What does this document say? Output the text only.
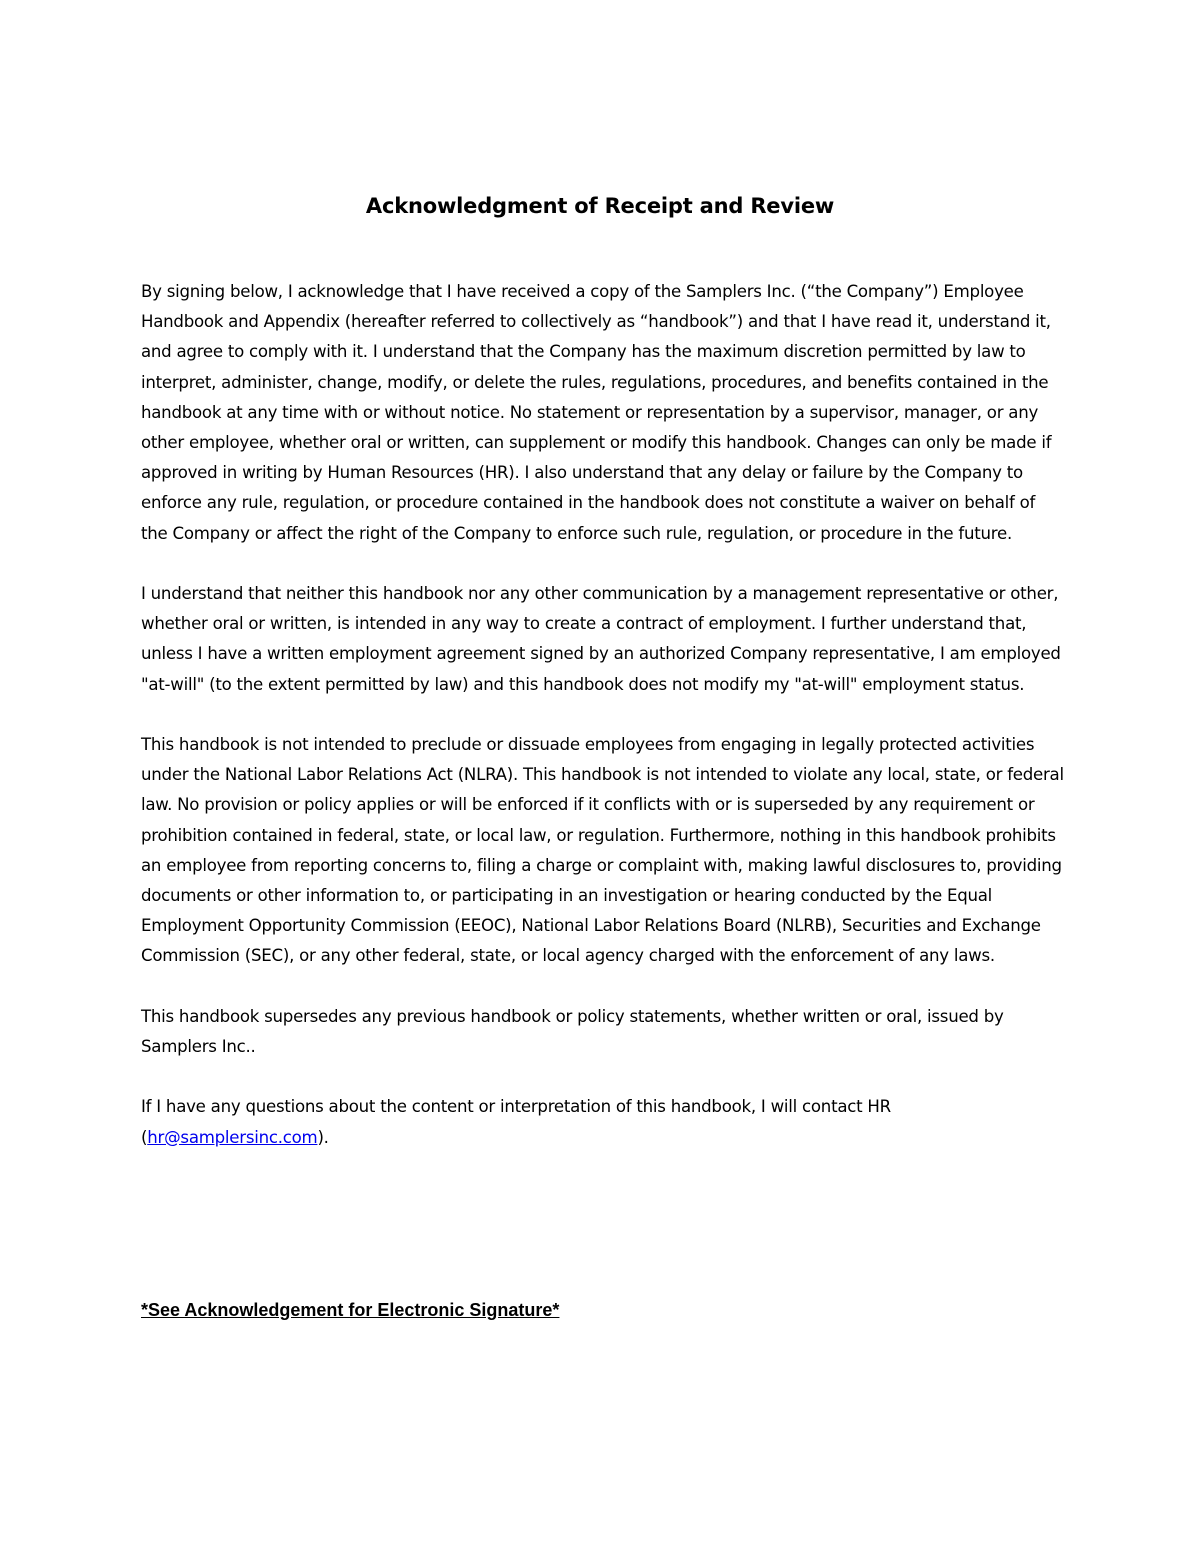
Acknowledgment of Receipt and Review

By signing below, I acknowledge that I have received a copy of the Samplers Inc. (“the Company”) Employee Handbook and Appendix (hereafter referred to collectively as “handbook”) and that I have read it, understand it, and agree to comply with it. I understand that the Company has the maximum discretion permitted by law to interpret, administer, change, modify, or delete the rules, regulations, procedures, and benefits contained in the handbook at any time with or without notice. No statement or representation by a supervisor, manager, or any other employee, whether oral or written, can supplement or modify this handbook. Changes can only be made if approved in writing by Human Resources (HR). I also understand that any delay or failure by the Company to enforce any rule, regulation, or procedure contained in the handbook does not constitute a waiver on behalf of the Company or affect the right of the Company to enforce such rule, regulation, or procedure in the future.

I understand that neither this handbook nor any other communication by a management representative or other, whether oral or written, is intended in any way to create a contract of employment. I further understand that, unless I have a written employment agreement signed by an authorized Company representative, I am employed "at-will" (to the extent permitted by law) and this handbook does not modify my "at-will" employment status.

This handbook is not intended to preclude or dissuade employees from engaging in legally protected activities under the National Labor Relations Act (NLRA). This handbook is not intended to violate any local, state, or federal law. No provision or policy applies or will be enforced if it conflicts with or is superseded by any requirement or prohibition contained in federal, state, or local law, or regulation. Furthermore, nothing in this handbook prohibits an employee from reporting concerns to, filing a charge or complaint with, making lawful disclosures to, providing documents or other information to, or participating in an investigation or hearing conducted by the Equal Employment Opportunity Commission (EEOC), National Labor Relations Board (NLRB), Securities and Exchange Commission (SEC), or any other federal, state, or local agency charged with the enforcement of any laws.

This handbook supersedes any previous handbook or policy statements, whether written or oral, issued by Samplers Inc..

If I have any questions about the content or interpretation of this handbook, I will contact HR (hr@samplersinc.com).

*See Acknowledgement for Electronic Signature*
